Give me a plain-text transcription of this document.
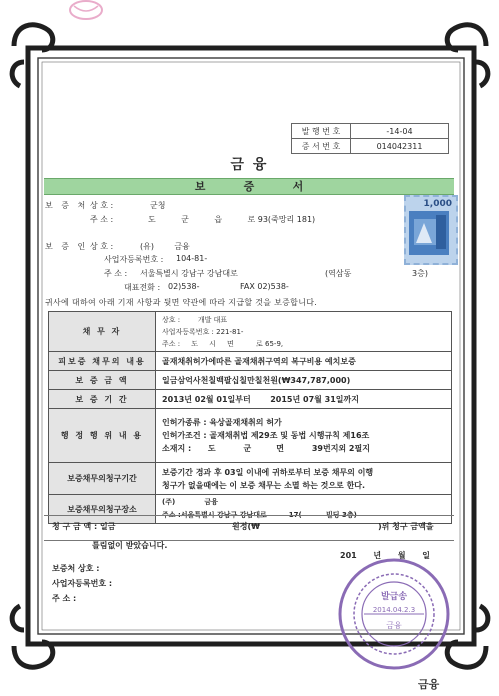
발 행 번 호	-14-04
증 서 번 호	014042311
금 융
보          증          서
보 증 처 상 호 :	군청
주 소 :	도          군          읍          로 93(죽망리 181)
1,000
보 증 인 상 호 :	(유)        금융
사업자등록번호 : 104-81-
주 소 : 서울특별시 강남구 강남대로	(역삼동	3층)
대표전화 : 02)538-	FAX 02)538-
귀사에 대하여 아래 기재 사항과 뒷면 약관에 따라 지급할 것을 보증합니다.
채 무 자	상호 :        개발 대표
사업자등록번호 : 221-81-
주소 :     도     시     면          로 65-9,

피보증 채무의 내용	골재채취허가에따른 골재채취구역의 복구비용 예치보증
보 증 금 액	일금삼억사천칠백팔십칠만칠천원(₩347,787,000)
보 증 기 간	2013년 02월 01일부터       2015년 07월 31일까지
행 정 행 위 내 용	인허가종류 : 육상골재채취의 허가
인허가조건 : 골재채취법 제29조 및 동법 시행규칙 제16조
소재지 :      도          군         면          39번지외 2필지

보증채무의청구기간	보증기간 경과 후 03일 이내에 귀하로부터 보증 채무의 이행
청구가 없을때에는 이 보증 채무는 소멸 하는 것으로 한다.

보증채무의청구장소	(주)            금융
주소 :서울특별시 강남구 강남대로         17(          빌딩 3층)
청 구 금 액 : 일금	원정(₩	)위 청구 금액을
틀림없이 받았습니다.
201      년      월      일
보증처 상호 :
사업자등록번호 :
주 소 :	발급송
2014.04.2.3
금융
금융
